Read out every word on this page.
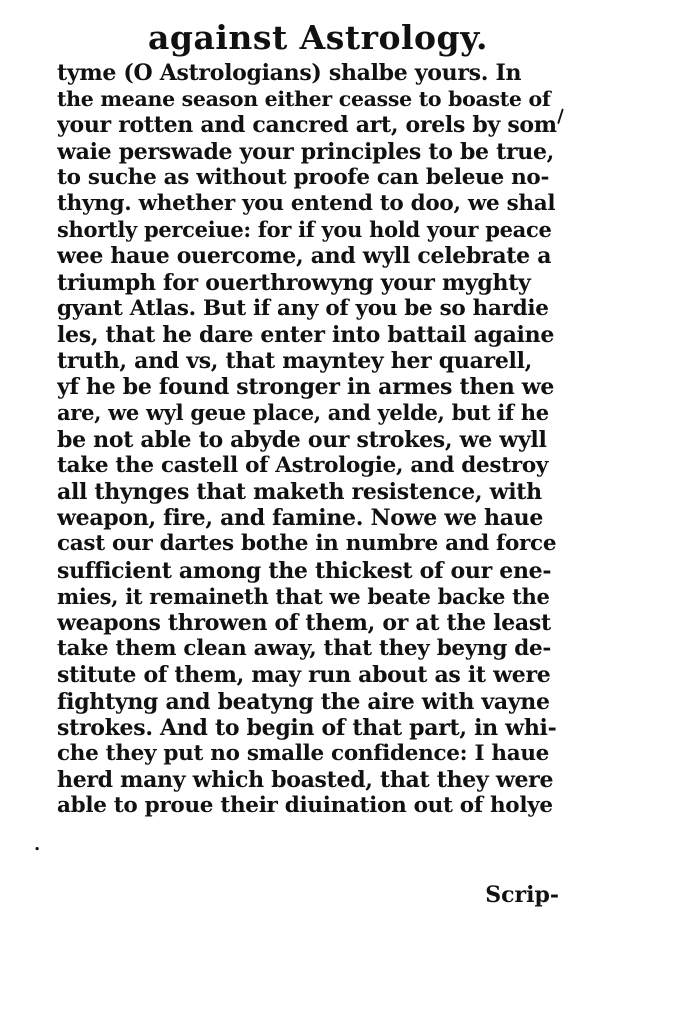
against Astrology.
tyme (O Astrologians) shalbe yours. In
the meane season either ceasse to boaste of
your rotten and cancred art, orels by som
waie perswade your principles to be true,
to suche as without proofe can beleue no-
thyng. whether you entend to doo, we shal
shortly perceiue: for if you hold your peace
wee haue ouercome, and wyll celebrate a
triumph for ouerthrowyng your myghty
gyant Atlas. But if any of you be so hardie
les, that he dare enter into battail againe
truth, and vs, that mayntey her quarell,
yf he be found stronger in armes then we
are, we wyl geue place, and yelde, but if he
be not able to abyde our strokes, we wyll
take the castell of Astrologie, and destroy
all thynges that maketh resistence, with
weapon, fire, and famine. Nowe we haue
cast our dartes bothe in numbre and force
sufficient among the thickest of our ene-
mies, it remaineth that we beate backe the
weapons throwen of them, or at the least
take them clean away, that they beyng de-
stitute of them, may run about as it were
fightyng and beatyng the aire with vayne
strokes. And to begin of that part, in whi-
che they put no smalle confidence: I haue
herd many which boasted, that they were
able to proue their diuination out of holye
Scrip-
\
.
